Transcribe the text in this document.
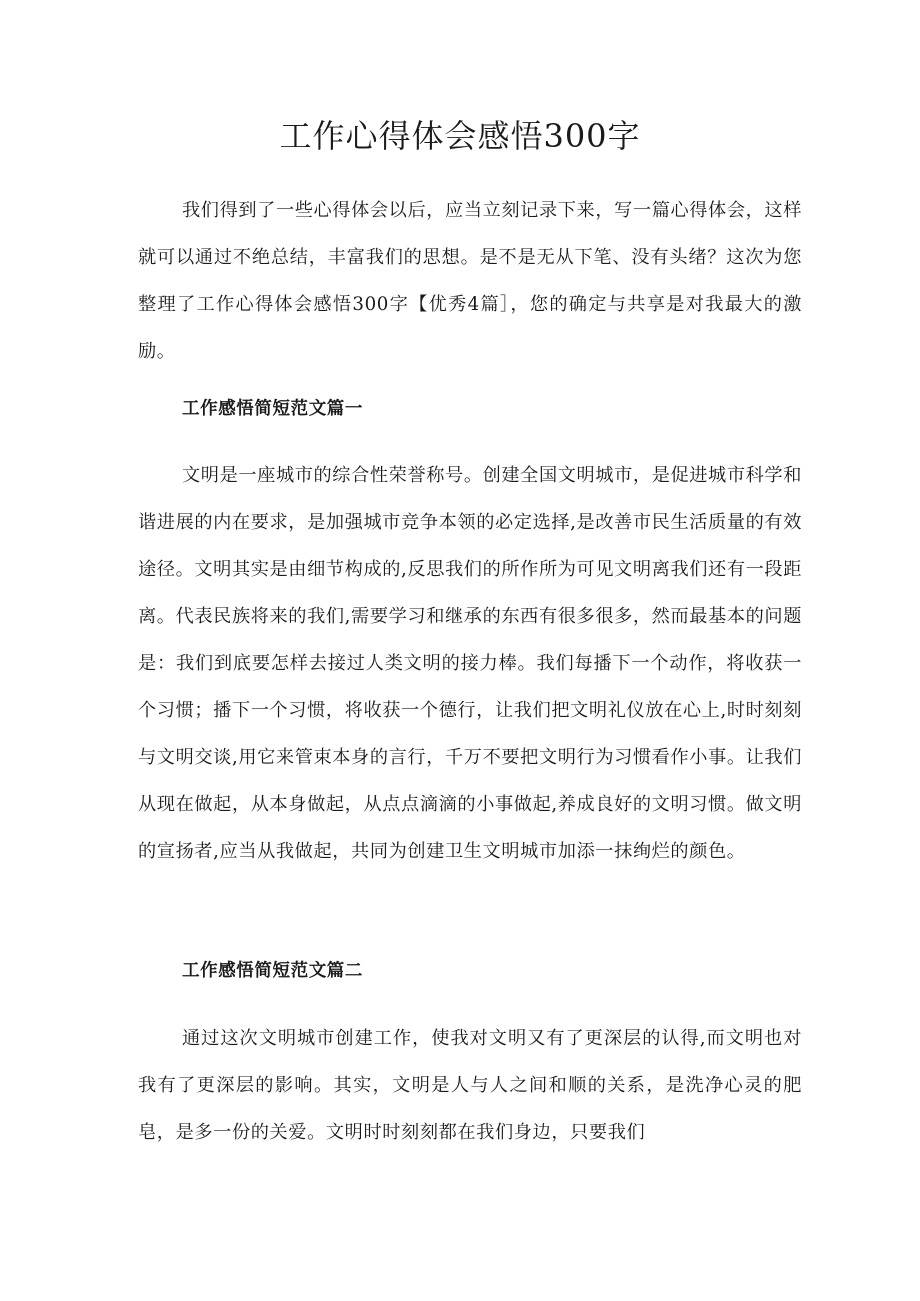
工作心得体会感悟300字

我们得到了一些心得体会以后，应当立刻记录下来，写一篇心得体会，这样就可以通过不绝总结，丰富我们的思想。是不是无从下笔、没有头绪？这次为您整理了工作心得体会感悟300字【优秀4篇］，您的确定与共享是对我最大的激励。

工作感悟简短范文篇一

文明是一座城市的综合性荣誉称号。创建全国文明城市，是促进城市科学和谐进展的内在要求，是加强城市竞争本领的必定选择,是改善市民生活质量的有效途径。文明其实是由细节构成的,反思我们的所作所为可见文明离我们还有一段距离。代表民族将来的我们,需要学习和继承的东西有很多很多，然而最基本的问题是：我们到底要怎样去接过人类文明的接力棒。我们每播下一个动作，将收获一个习惯；播下一个习惯，将收获一个德行，让我们把文明礼仪放在心上,时时刻刻与文明交谈,用它来管束本身的言行，千万不要把文明行为习惯看作小事。让我们从现在做起，从本身做起，从点点滴滴的小事做起,养成良好的文明习惯。做文明的宣扬者,应当从我做起，共同为创建卫生文明城市加添一抹绚烂的颜色。

工作感悟简短范文篇二

通过这次文明城市创建工作，使我对文明又有了更深层的认得,而文明也对我有了更深层的影响。其实，文明是人与人之间和顺的关系，是洗净心灵的肥皂，是多一份的关爱。文明时时刻刻都在我们身边，只要我们
